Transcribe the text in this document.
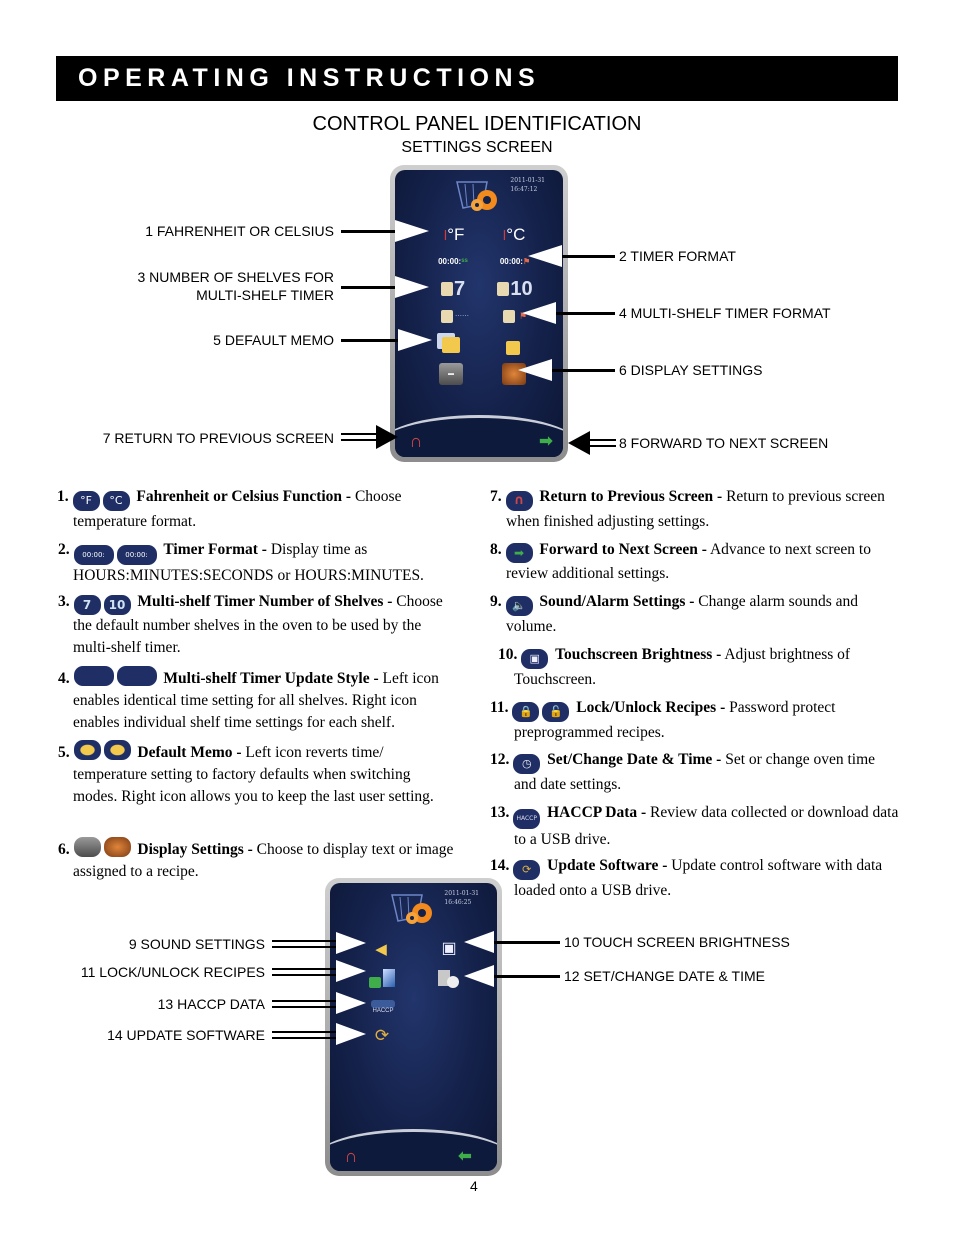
OPERATING INSTRUCTIONS
CONTROL PANEL IDENTIFICATION
SETTINGS SCREEN
2011-01-31
16:47:12
ǀ °F	ǀ °C
00:00: ss	00:00: ⚑
7 10
⋯⋯	⚑
▬
∩	➡
1 FAHRENHEIT OR CELSIUS
3 NUMBER OF SHELVES FOR
MULTI-SHELF TIMER
5 DEFAULT MEMO
7 RETURN TO PREVIOUS SCREEN
2 TIMER FORMAT
4 MULTI-SHELF TIMER FORMAT
6 DISPLAY SETTINGS
8 FORWARD TO NEXT SCREEN
1. °F °C Fahrenheit or Celsius Function - Choose temperature format.
2. 00:00:	00:00: Timer Format - Display time as HOURS:MINUTES:SECONDS or HOURS:MINUTES.
3. 7 10 Multi-shelf Timer Number of Shelves - Choose the default number shelves in the oven to be used by the multi-shelf timer.
4.	Multi-shelf Timer Update Style - Left icon enables identical time setting for all shelves. Right icon enables individual shelf time settings for each shelf.
5.	Default Memo - Left icon reverts time/ temperature setting to factory defaults when switching modes. Right icon allows you to keep the last user setting.
6.	Display Settings - Choose to display text or image assigned to a recipe.
7. ∩ Return to Previous Screen - Return to previous screen when finished adjusting settings.
8. ➡ Forward to Next Screen - Advance to next screen to review additional settings.
9. 🔈 Sound/Alarm Settings - Change alarm sounds and volume.
10. ▣ Touchscreen Brightness - Adjust brightness of Touchscreen.
11. 🔒 🔓 Lock/Unlock Recipes - Password protect preprogrammed recipes.
12. ◷ Set/Change Date & Time - Set or change oven time and date settings.
13. HACCP HACCP Data - Review data collected or download data to a USB drive.
14. ⟳ Update Software - Update control software with data loaded onto a USB drive.
2011-01-31
16:46:25
◀	▣
HACCP
⟳
∩	⬅
9 SOUND SETTINGS
11 LOCK/UNLOCK RECIPES
13 HACCP DATA
14 UPDATE SOFTWARE
10 TOUCH SCREEN BRIGHTNESS
12 SET/CHANGE DATE & TIME
4
